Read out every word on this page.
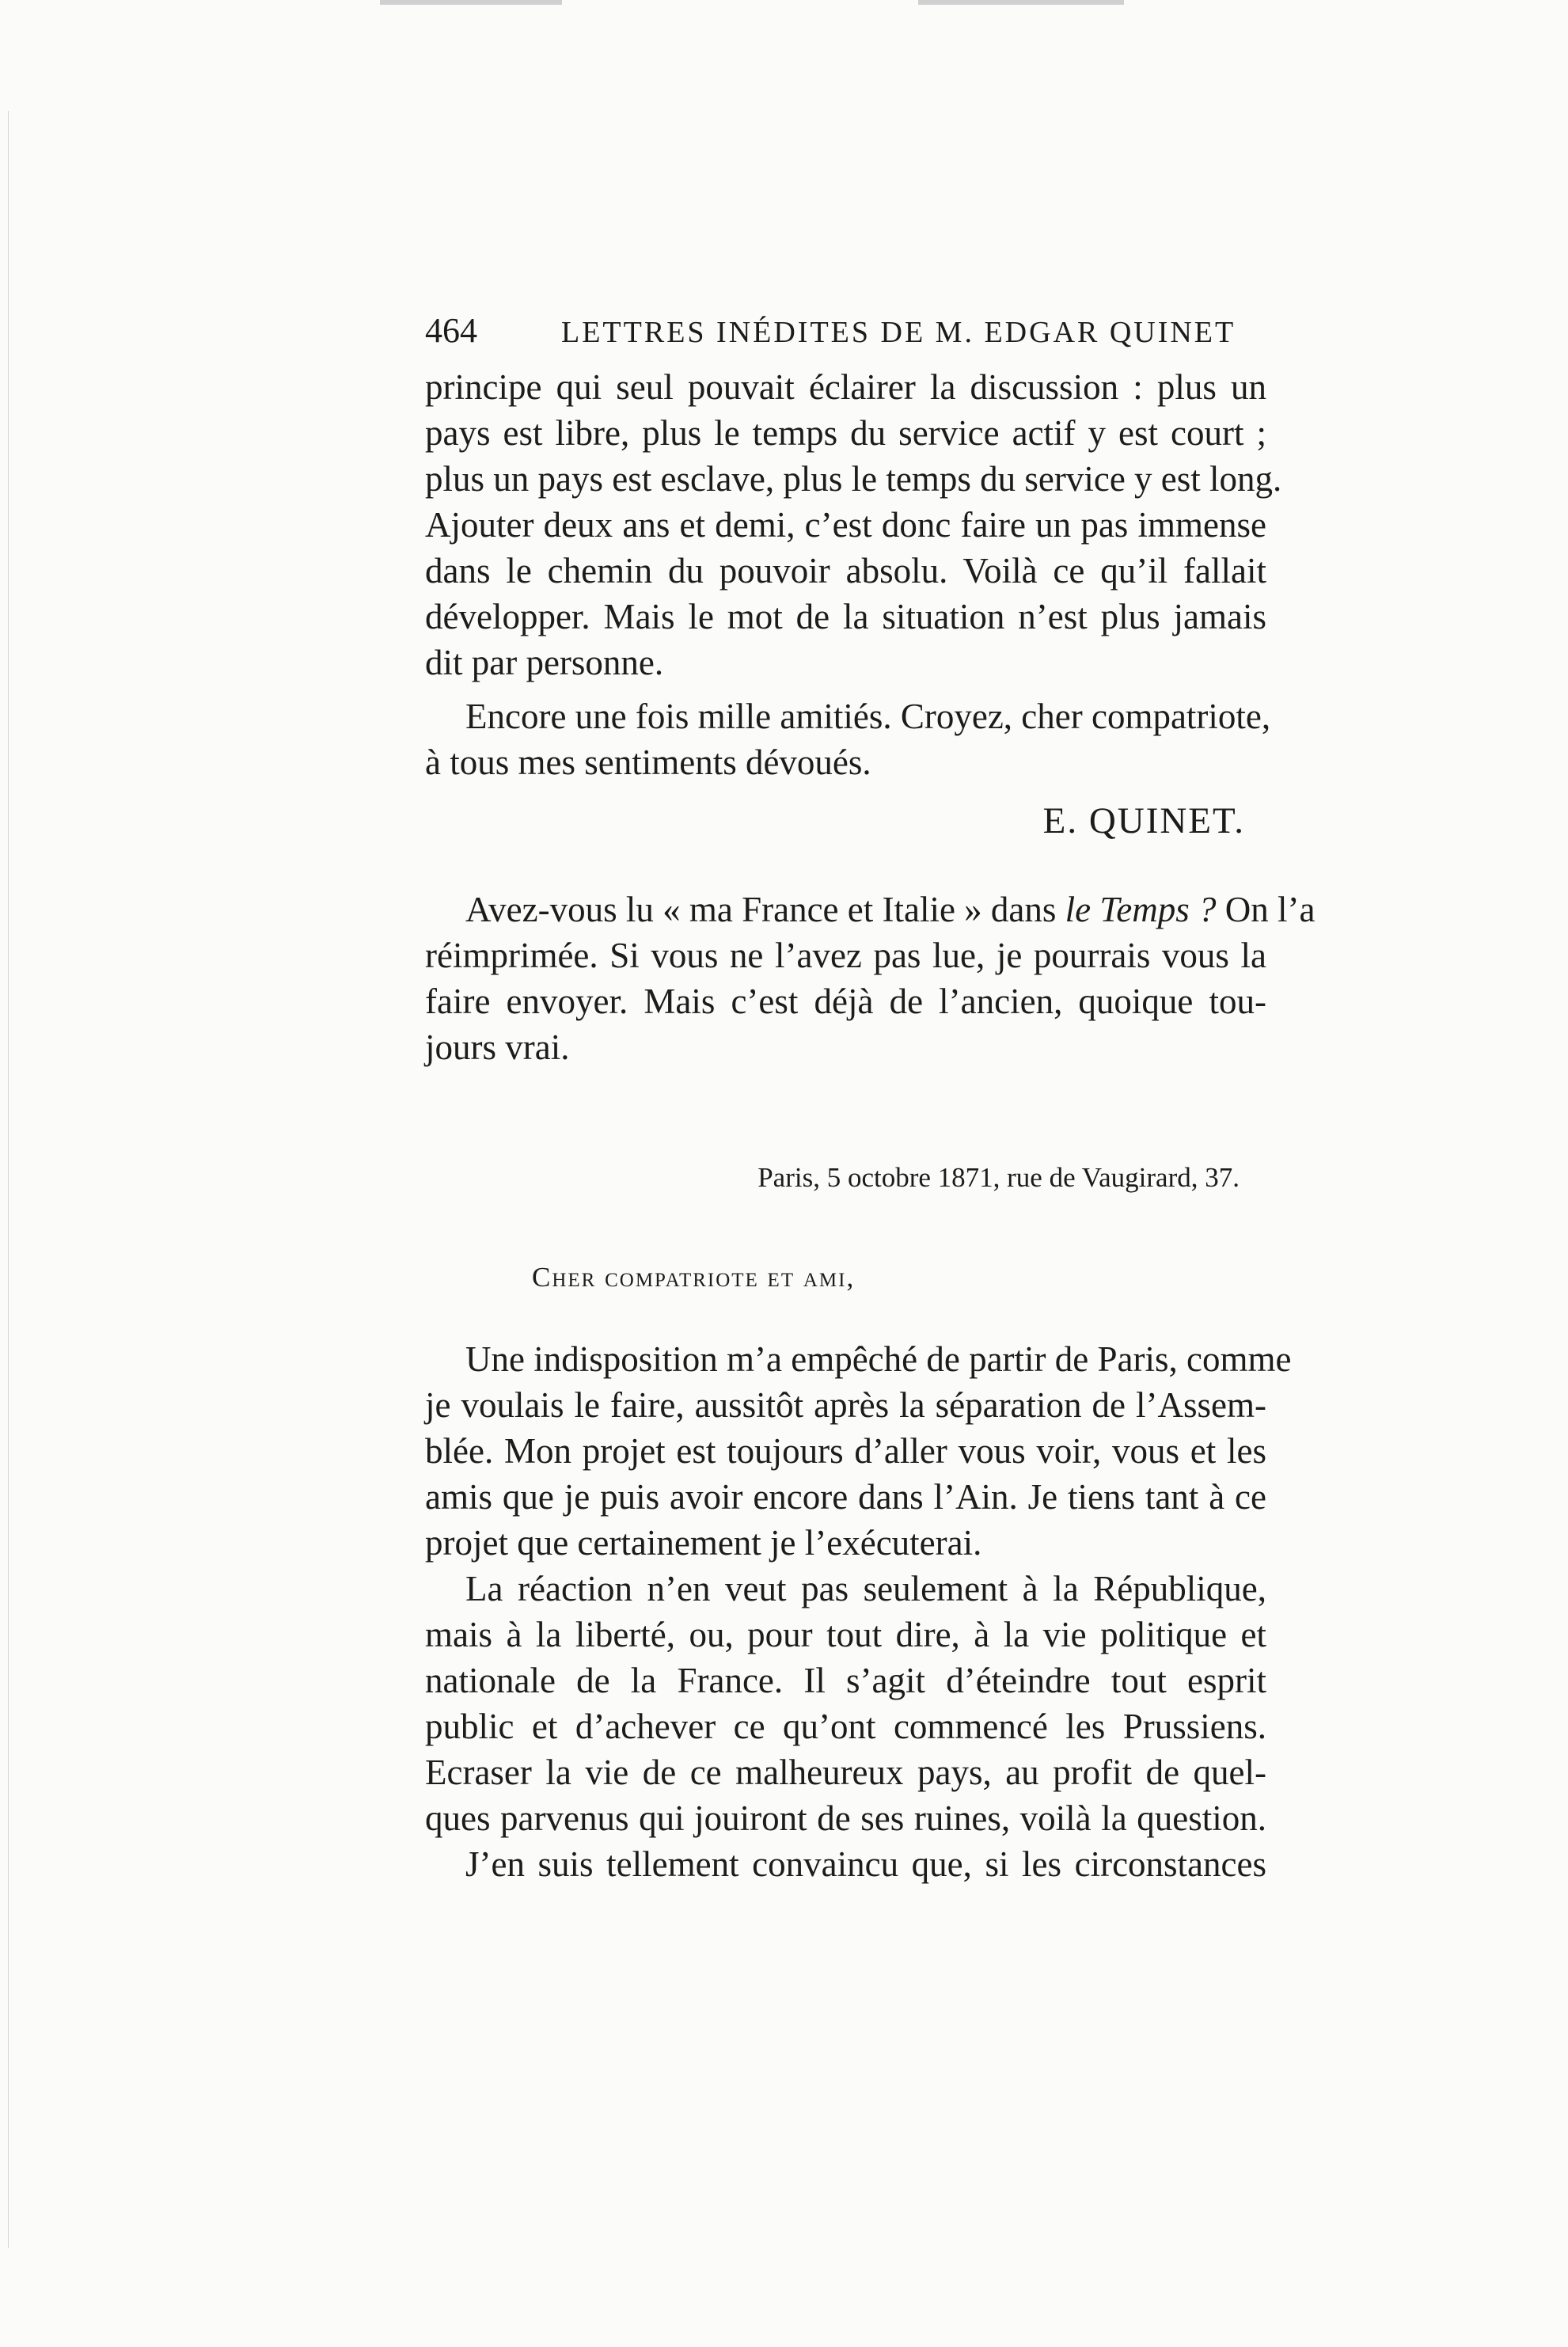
464	LETTRES INÉDITES DE M. EDGAR QUINET
principe qui seul pouvait éclairer la discussion : plus un
pays est libre, plus le temps du service actif y est court ;
plus un pays est esclave, plus le temps du service y est long.
Ajouter deux ans et demi, c’est donc faire un pas immense
dans le chemin du pouvoir absolu. Voilà ce qu’il fallait
développer. Mais le mot de la situation n’est plus jamais
dit par personne.
Encore une fois mille amitiés. Croyez, cher compatriote,
à tous mes sentiments dévoués.
E. QUINET.
Avez-vous lu « ma France et Italie » dans le Temps ? On l’a
réimprimée. Si vous ne l’avez pas lue, je pourrais vous la
faire envoyer. Mais c’est déjà de l’ancien, quoique tou-
jours vrai.
Paris, 5 octobre 1871, rue de Vaugirard, 37.
Cher compatriote et ami,
Une indisposition m’a empêché de partir de Paris, comme
je voulais le faire, aussitôt après la séparation de l’Assem-
blée. Mon projet est toujours d’aller vous voir, vous et les
amis que je puis avoir encore dans l’Ain. Je tiens tant à ce
projet que certainement je l’exécuterai.
La réaction n’en veut pas seulement à la République,
mais à la liberté, ou, pour tout dire, à la vie politique et
nationale de la France. Il s’agit d’éteindre tout esprit
public et d’achever ce qu’ont commencé les Prussiens.
Ecraser la vie de ce malheureux pays, au profit de quel-
ques parvenus qui jouiront de ses ruines, voilà la question.
J’en suis tellement convaincu que, si les circonstances
